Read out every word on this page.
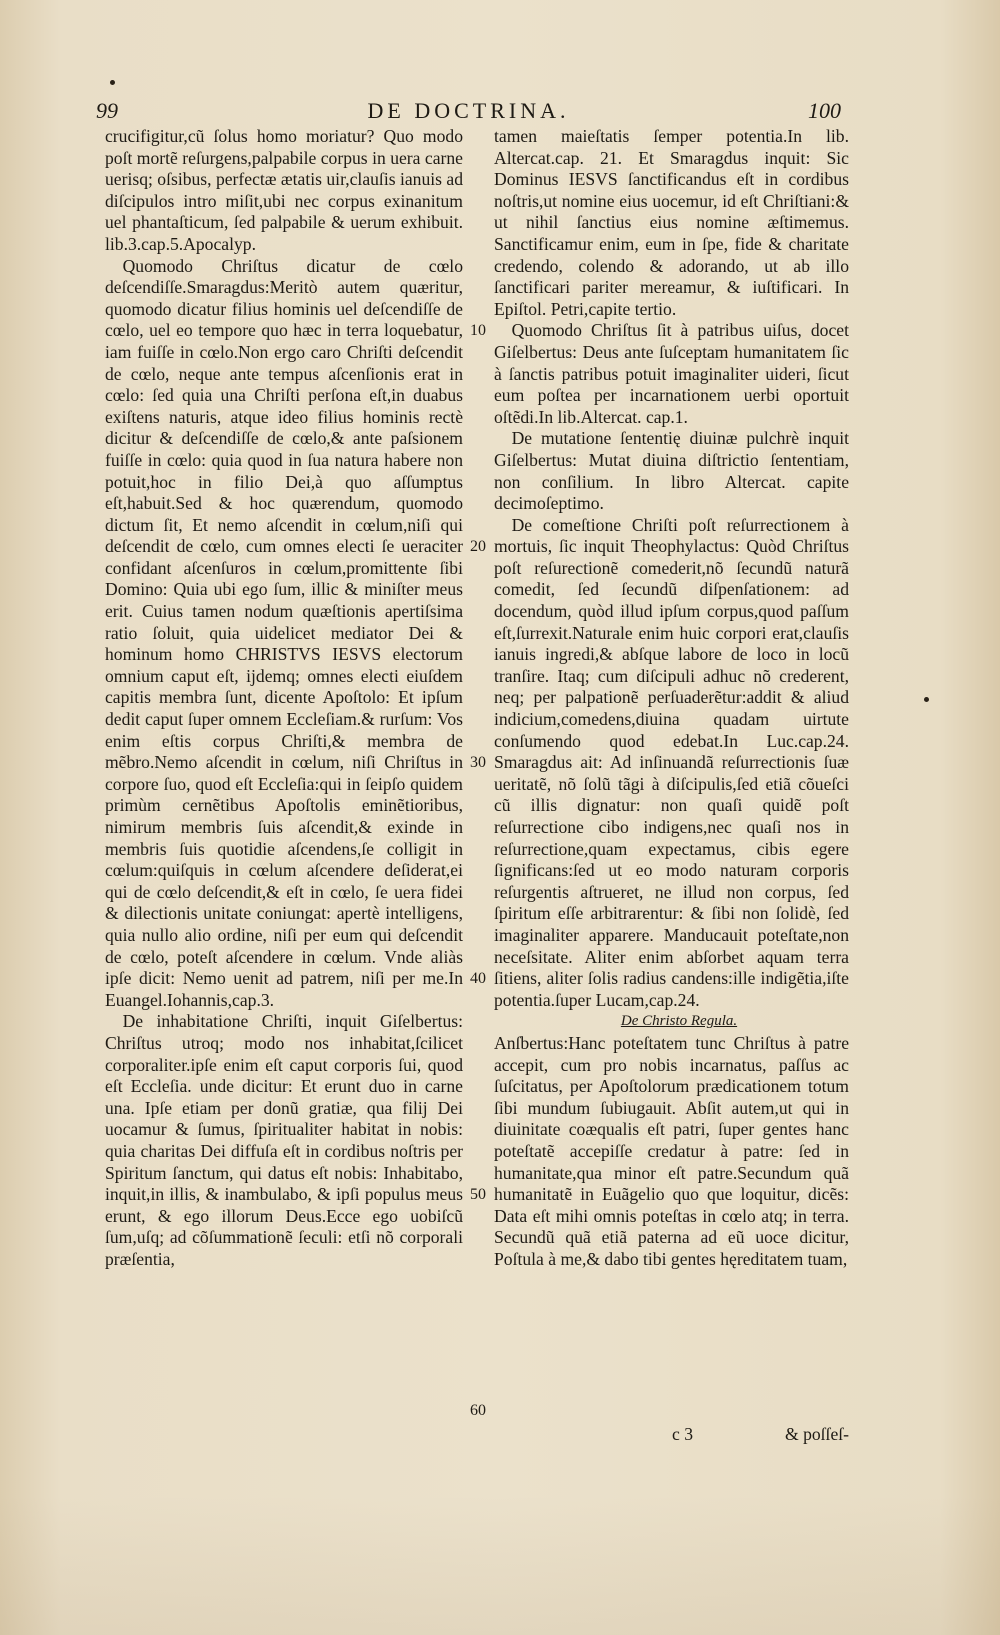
99	DE DOCTRINA.	100

crucifigitur,cũ ſolus homo moriatur? Quo modo poſt mortẽ reſurgens,palpabile corpus in uera carne uerisq; oſsibus, perfectæ ætatis uir,clauſis ianuis ad diſcipulos intro miſit,ubi nec corpus exinanitum uel phantaſticum, ſed palpabile & uerum exhibuit. lib.3.cap.5.Apocalyp.

Quomodo Chriſtus dicatur de cœlo deſcendiſſe.Smaragdus:Meritò autem quæritur, quomodo dicatur filius hominis uel deſcendiſſe de cœlo, uel eo tempore quo hæc in terra loquebatur, iam fuiſſe in cœlo.Non ergo caro Chriſti deſcendit de cœlo, neque ante tempus aſcenſionis erat in cœlo: ſed quia una Chriſti perſona eſt,in duabus exiſtens naturis, atque ideo filius hominis rectè dicitur & deſcendiſſe de cœlo,& ante paſsionem fuiſſe in cœlo: quia quod in ſua natura habere non potuit,hoc in filio Dei,à quo aſſumptus eſt,habuit.Sed & hoc quærendum, quomodo dictum ſit, Et nemo aſcendit in cœlum,niſi qui deſcendit de cœlo, cum omnes electi ſe ueraciter confidant aſcenſuros in cœlum,promittente ſibi Domino: Quia ubi ego ſum, illic & miniſter meus erit. Cuius tamen nodum quæſtionis apertiſsima ratio ſoluit, quia uidelicet mediator Dei & hominum homo CHRISTVS IESVS electorum omnium caput eſt, ijdemq; omnes electi eiuſdem capitis membra ſunt, dicente Apoſtolo: Et ipſum dedit caput ſuper omnem Eccleſiam.& rurſum: Vos enim eſtis corpus Chriſti,& membra de mẽbro.Nemo aſcendit in cœlum, niſi Chriſtus in corpore ſuo, quod eſt Eccleſia:qui in ſeipſo quidem primùm cernẽtibus Apoſtolis eminẽtioribus, nimirum membris ſuis aſcendit,& exinde in membris ſuis quotidie aſcendens,ſe colligit in cœlum:quiſquis in cœlum aſcendere deſiderat,ei qui de cœlo deſcendit,& eſt in cœlo, ſe uera fidei & dilectionis unitate coniungat: apertè intelligens, quia nullo alio ordine, niſi per eum qui deſcendit de cœlo, poteſt aſcendere in cœlum. Vnde aliàs ipſe dicit: Nemo uenit ad patrem, niſi per me.In Euangel.Iohannis,cap.3.

De inhabitatione Chriſti, inquit Giſelbertus: Chriſtus utroq; modo nos inhabitat,ſcilicet corporaliter.ipſe enim eſt caput corporis ſui, quod eſt Eccleſia. unde dicitur: Et erunt duo in carne una. Ipſe etiam per donũ gratiæ, qua filij Dei uocamur & ſumus, ſpiritualiter habitat in nobis: quia charitas Dei diffuſa eſt in cordibus noſtris per Spiritum ſanctum, qui datus eſt nobis: Inhabitabo, inquit,in illis, & inambulabo, & ipſi populus meus erunt, & ego illorum Deus.Ecce ego uobiſcũ ſum,uſq; ad cõſummationẽ ſeculi: etſi nõ corporali præſentia,

10
20
30
40
50
60

tamen maieſtatis ſemper potentia.In lib. Altercat.cap. 21. Et Smaragdus inquit: Sic Dominus IESVS ſanctificandus eſt in cordibus noſtris,ut nomine eius uocemur, id eſt Chriſtiani:& ut nihil ſanctius eius nomine æſtimemus. Sanctificamur enim, eum in ſpe, fide & charitate credendo, colendo & adorando, ut ab illo ſanctificari pariter mereamur, & iuſtificari. In Epiſtol. Petri,capite tertio.

Quomodo Chriſtus ſit à patribus uiſus, docet Giſelbertus: Deus ante ſuſceptam humanitatem ſic à ſanctis patribus potuit imaginaliter uideri, ſicut eum poſtea per incarnationem uerbi oportuit oſtẽdi.In lib.Altercat. cap.1.

De mutatione ſententię diuinæ pulchrè inquit Giſelbertus: Mutat diuina diſtrictio ſententiam, non conſilium. In libro Altercat. capite decimoſeptimo.

De comeſtione Chriſti poſt reſurrectionem à mortuis, ſic inquit Theophylactus: Quòd Chriſtus poſt reſurectionẽ comederit,nõ ſecundũ naturã comedit, ſed ſecundũ diſpenſationem: ad docendum, quòd illud ipſum corpus,quod paſſum eſt,ſurrexit.Naturale enim huic corpori erat,clauſis ianuis ingredi,& abſque labore de loco in locũ tranſire. Itaq; cum diſcipuli adhuc nõ crederent, neq; per palpationẽ perſuaderẽtur:addit & aliud indicium,comedens,diuina quadam uirtute conſumendo quod edebat.In Luc.cap.24. Smaragdus ait: Ad inſinuandã reſurrectionis ſuæ ueritatẽ, nõ ſolũ tãgi à diſcipulis,ſed etiã cõueſci cũ illis dignatur: non quaſi quidẽ poſt reſurrectione cibo indigens,nec quaſi nos in reſurrectione,quam expectamus, cibis egere ſignificans:ſed ut eo modo naturam corporis reſurgentis aſtrueret, ne illud non corpus, ſed ſpiritum eſſe arbitrarentur: & ſibi non ſolidè, ſed imaginaliter apparere. Manducauit poteſtate,non neceſsitate. Aliter enim abſorbet aquam terra ſitiens, aliter ſolis radius candens:ille indigẽtia,iſte potentia.ſuper Lucam,cap.24.

De Christo Regula.

Anſbertus:Hanc poteſtatem tunc Chriſtus à patre accepit, cum pro nobis incarnatus, paſſus ac ſuſcitatus, per Apoſtolorum prædicationem totum ſibi mundum ſubiugauit. Abſit autem,ut qui in diuinitate coæqualis eſt patri, ſuper gentes hanc poteſtatẽ accepiſſe credatur à patre: ſed in humanitate,qua minor eſt patre.Secundum quã humanitatẽ in Euãgelio quo que loquitur, dicẽs: Data eſt mihi omnis poteſtas in cœlo atq; in terra. Secundũ quã etiã paterna ad eũ uoce dicitur, Poſtula à me,& dabo tibi gentes hęreditatem tuam,

c 3	& poſſeſ-
